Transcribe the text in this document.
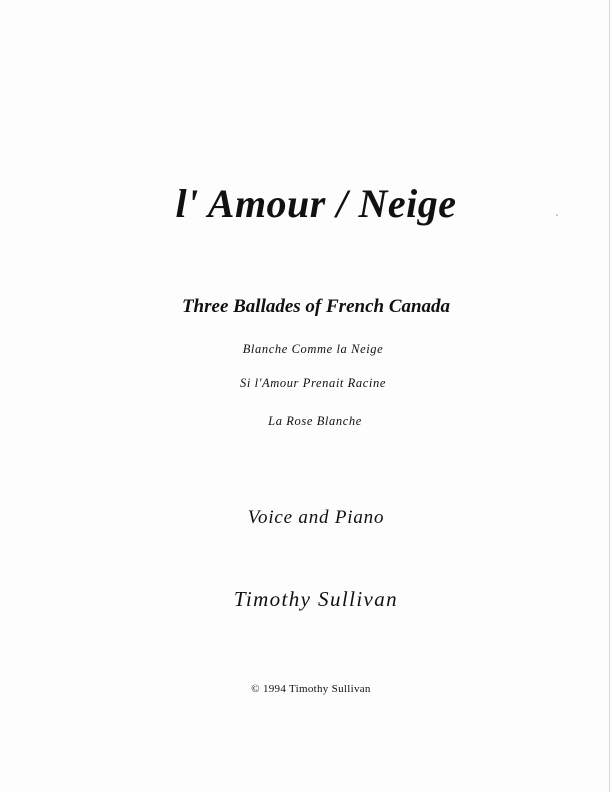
l' Amour / Neige
Three Ballades of French Canada
Blanche Comme la Neige
Si l'Amour Prenait Racine
La Rose Blanche
Voice and Piano
Timothy Sullivan
© 1994 Timothy Sullivan
